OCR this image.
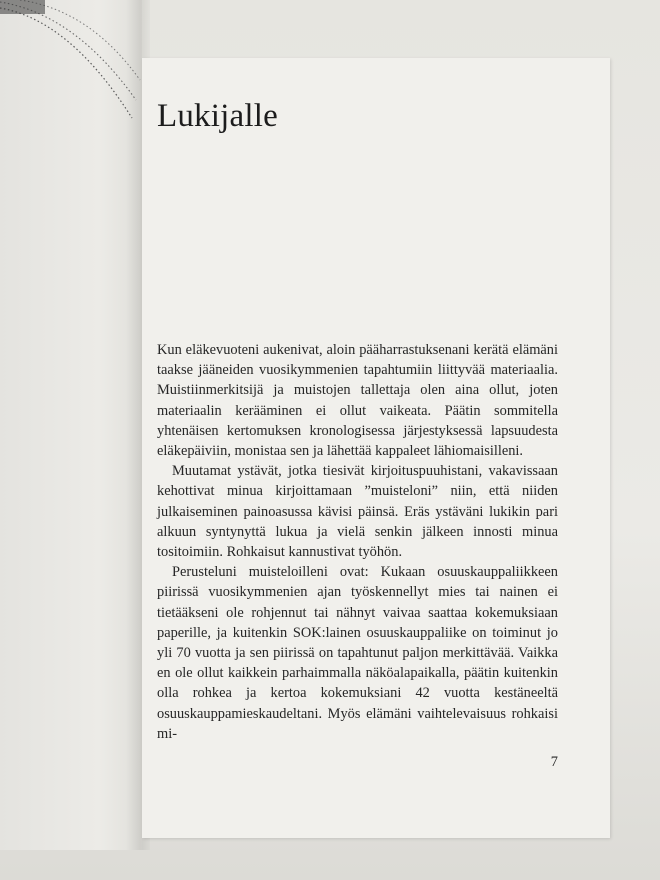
Lukijalle

Kun eläkevuoteni aukenivat, aloin pääharrastuksenani kerätä elämäni taakse jääneiden vuosikymmenien tapahtumiin liittyvää materiaalia. Muistiinmerkitsijä ja muistojen tallettaja olen aina ollut, joten materiaalin kerääminen ei ollut vaikeata. Päätin sommitella yhtenäisen kertomuksen kronologisessa järjestyksessä lapsuudesta eläkepäiviin, monistaa sen ja lähettää kappaleet lähiomaisilleni.

Muutamat ystävät, jotka tiesivät kirjoituspuuhistani, vakavissaan kehottivat minua kirjoittamaan ”muisteloni” niin, että niiden julkaiseminen painoasussa kävisi päinsä. Eräs ystäväni lukikin pari alkuun syntynyttä lukua ja vielä senkin jälkeen innosti minua tositoimiin. Rohkaisut kannustivat työhön.

Perusteluni muisteloilleni ovat: Kukaan osuuskauppaliikkeen piirissä vuosikymmenien ajan työskennellyt mies tai nainen ei tietääkseni ole rohjennut tai nähnyt vaivaa saattaa kokemuksiaan paperille, ja kuitenkin SOK:lainen osuuskauppaliike on toiminut jo yli 70 vuotta ja sen piirissä on tapahtunut paljon merkittävää. Vaikka en ole ollut kaikkein parhaimmalla näköalapaikalla, päätin kuitenkin olla rohkea ja kertoa kokemuksiani 42 vuotta kestäneeltä osuuskauppamieskaudeltani. Myös elämäni vaihtelevaisuus rohkaisi mi-

7
